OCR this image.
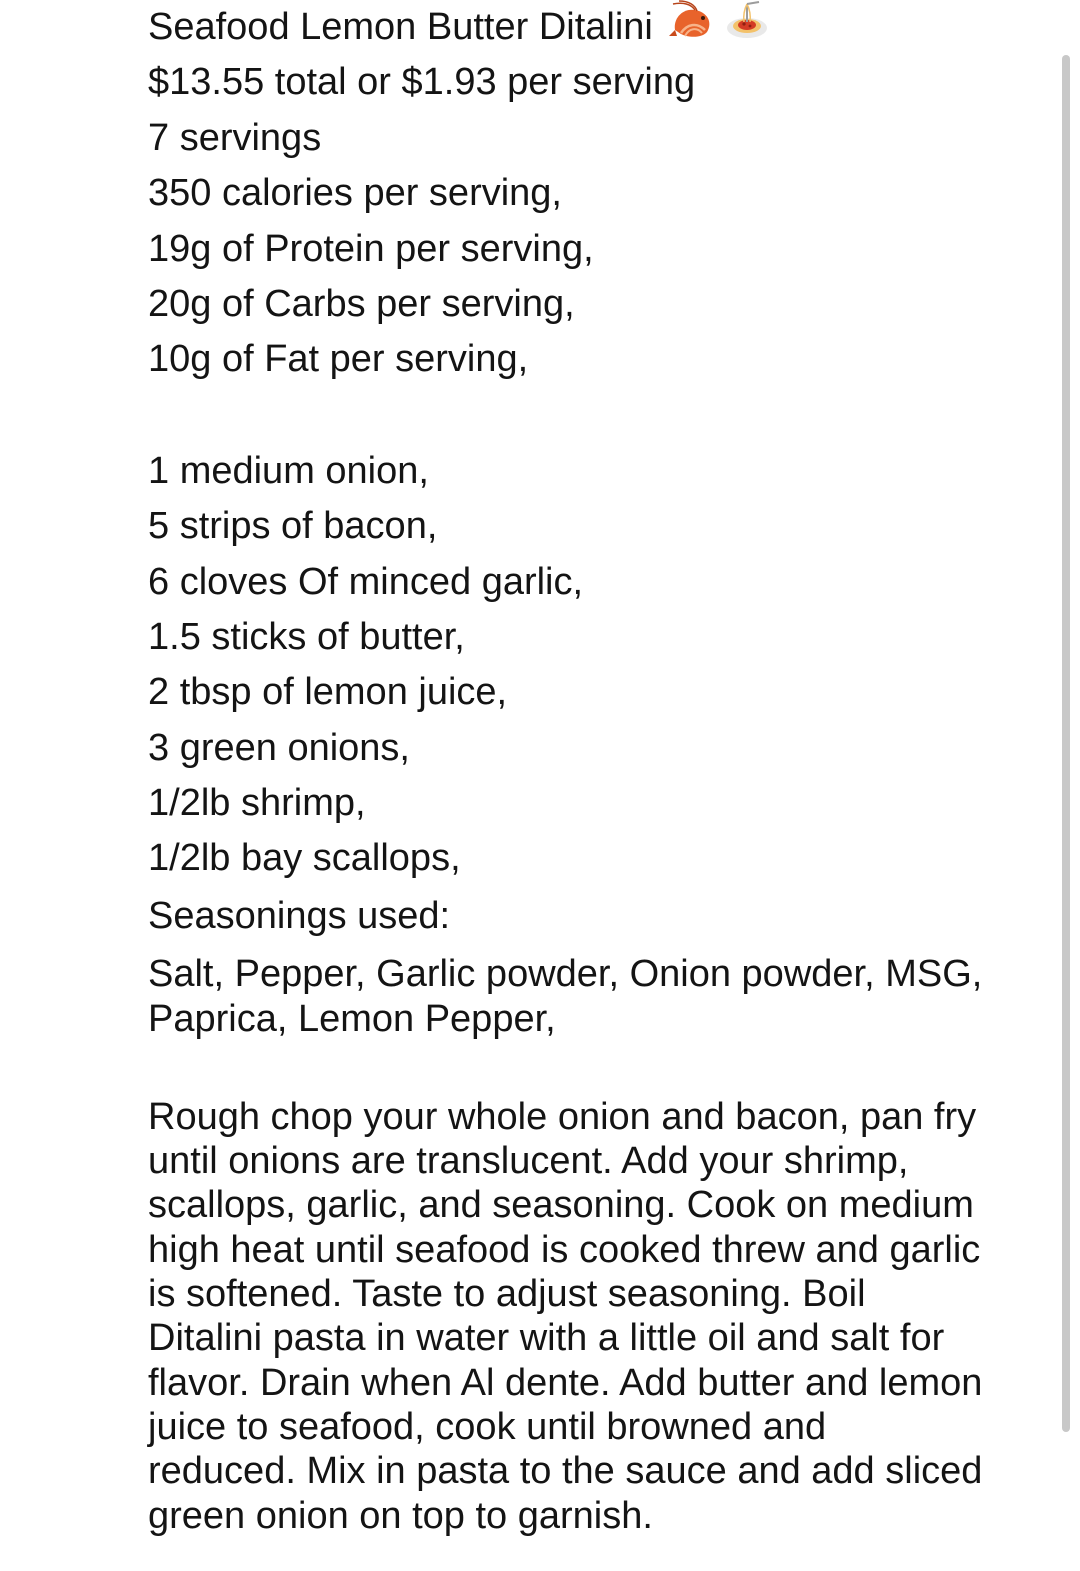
Seafood Lemon Butter Ditalini
$13.55 total or $1.93 per serving
7 servings
350 calories per serving,
19g of Protein per serving,
20g of Carbs per serving,
10g of Fat per serving,
1 medium onion,
5 strips of bacon,
6 cloves Of minced garlic,
1.5 sticks of butter,
2 tbsp of lemon juice,
3 green onions,
1/2lb shrimp,
1/2lb bay scallops,
Seasonings used:
Salt, Pepper, Garlic powder, Onion powder, MSG,
Paprica, Lemon Pepper,
Rough chop your whole onion and bacon, pan fry
until onions are translucent. Add your shrimp,
scallops, garlic, and seasoning. Cook on medium
high heat until seafood is cooked threw and garlic
is softened. Taste to adjust seasoning. Boil
Ditalini pasta in water with a little oil and salt for
flavor. Drain when Al dente. Add butter and lemon
juice to seafood, cook until browned and
reduced. Mix in pasta to the sauce and add sliced
green onion on top to garnish.
